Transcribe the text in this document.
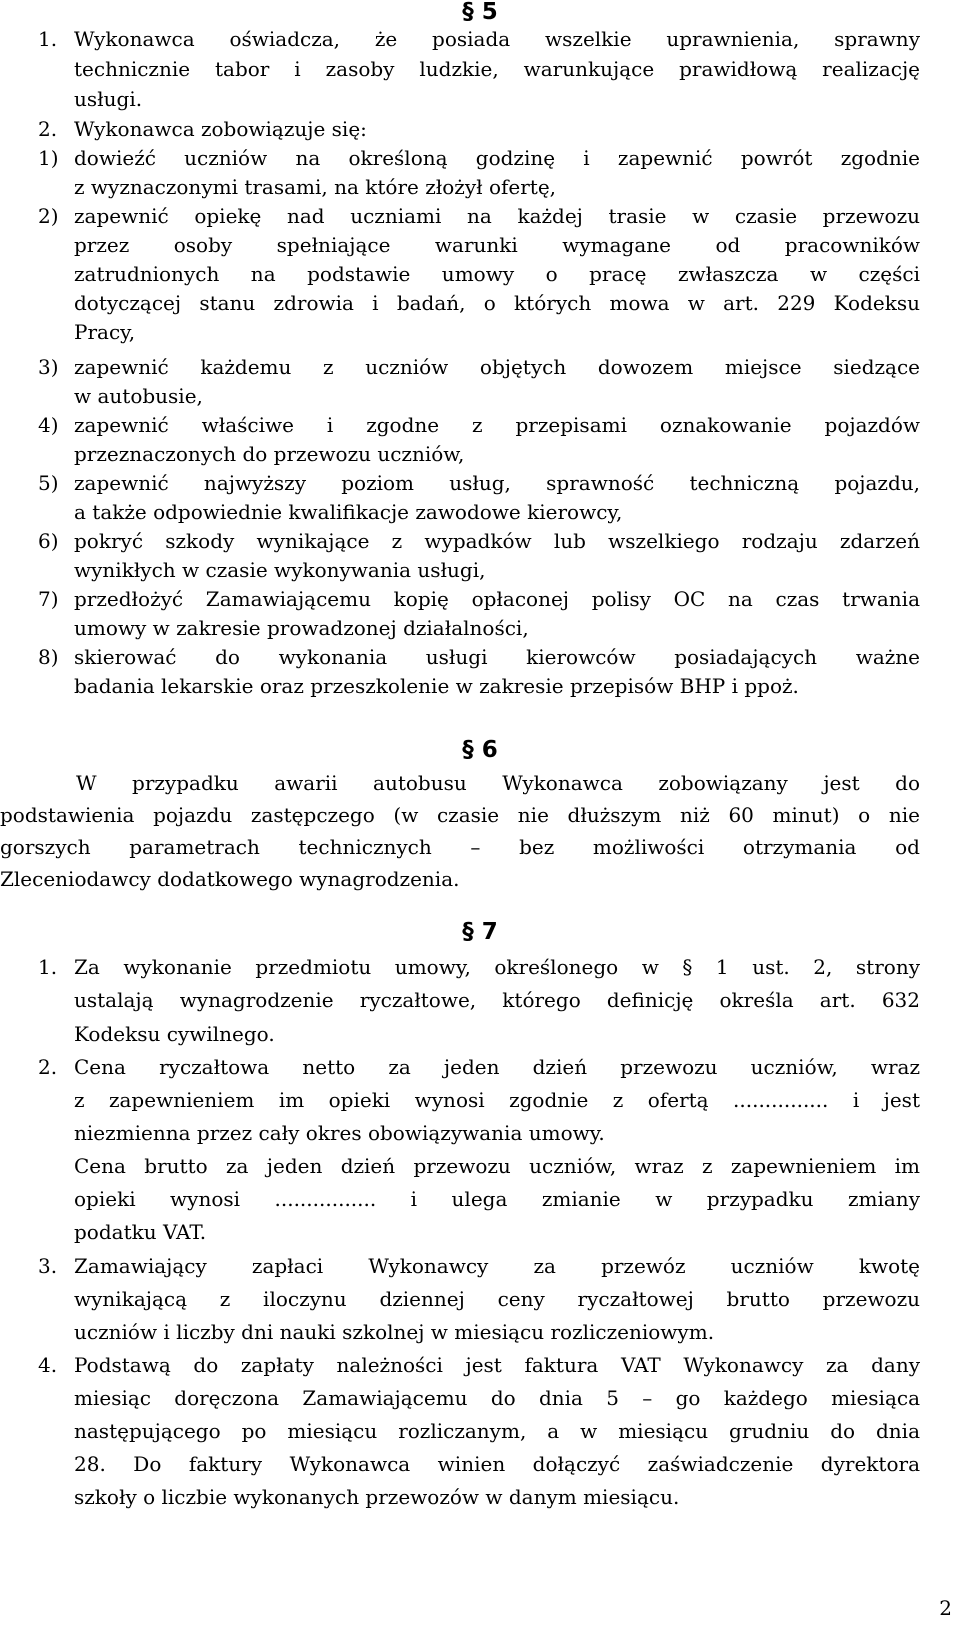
§ 5
1. Wykonawca oświadcza, że posiada wszelkie uprawnienia, sprawny
technicznie tabor i zasoby ludzkie, warunkujące prawidłową realizację
usługi.
2. Wykonawca zobowiązuje się:
1) dowieźć uczniów na określoną godzinę i zapewnić powrót zgodnie
z wyznaczonymi trasami, na które złożył ofertę,
2) zapewnić opiekę nad uczniami na każdej trasie w czasie przewozu
przez osoby spełniające warunki wymagane od pracowników
zatrudnionych na podstawie umowy o pracę zwłaszcza w części
dotyczącej stanu zdrowia i badań, o których mowa w art. 229 Kodeksu
Pracy,
3) zapewnić każdemu z uczniów objętych dowozem miejsce siedzące
w autobusie,
4) zapewnić właściwe i zgodne z przepisami oznakowanie pojazdów
przeznaczonych do przewozu uczniów,
5) zapewnić najwyższy poziom usług, sprawność techniczną pojazdu,
a także odpowiednie kwalifikacje zawodowe kierowcy,
6) pokryć szkody wynikające z wypadków lub wszelkiego rodzaju zdarzeń
wynikłych w czasie wykonywania usługi,
7) przedłożyć Zamawiającemu kopię opłaconej polisy OC na czas trwania
umowy w zakresie prowadzonej działalności,
8) skierować do wykonania usługi kierowców posiadających ważne
badania lekarskie oraz przeszkolenie w zakresie przepisów BHP i ppoż.
§ 6
W przypadku awarii autobusu Wykonawca zobowiązany jest do
podstawienia pojazdu zastępczego (w czasie nie dłuższym niż 60 minut) o nie
gorszych parametrach technicznych – bez możliwości otrzymania od
Zleceniodawcy dodatkowego wynagrodzenia.
§ 7
1. Za wykonanie przedmiotu umowy, określonego w § 1 ust. 2, strony
ustalają wynagrodzenie ryczałtowe, którego definicję określa art. 632
Kodeksu cywilnego.
2. Cena ryczałtowa netto za jeden dzień przewozu uczniów, wraz
z zapewnieniem im opieki wynosi zgodnie z ofertą ............... i jest
niezmienna przez cały okres obowiązywania umowy.
Cena brutto za jeden dzień przewozu uczniów, wraz z zapewnieniem im
opieki wynosi ................ i ulega zmianie w przypadku zmiany
podatku VAT.
3. Zamawiający zapłaci Wykonawcy za przewóz uczniów kwotę
wynikającą z iloczynu dziennej ceny ryczałtowej brutto przewozu
uczniów i liczby dni nauki szkolnej w miesiącu rozliczeniowym.
4. Podstawą do zapłaty należności jest faktura VAT Wykonawcy za dany
miesiąc doręczona Zamawiającemu do dnia 5 – go każdego miesiąca
następującego po miesiącu rozliczanym, a w miesiącu grudniu do dnia
28. Do faktury Wykonawca winien dołączyć zaświadczenie dyrektora
szkoły o liczbie wykonanych przewozów w danym miesiącu.
2
